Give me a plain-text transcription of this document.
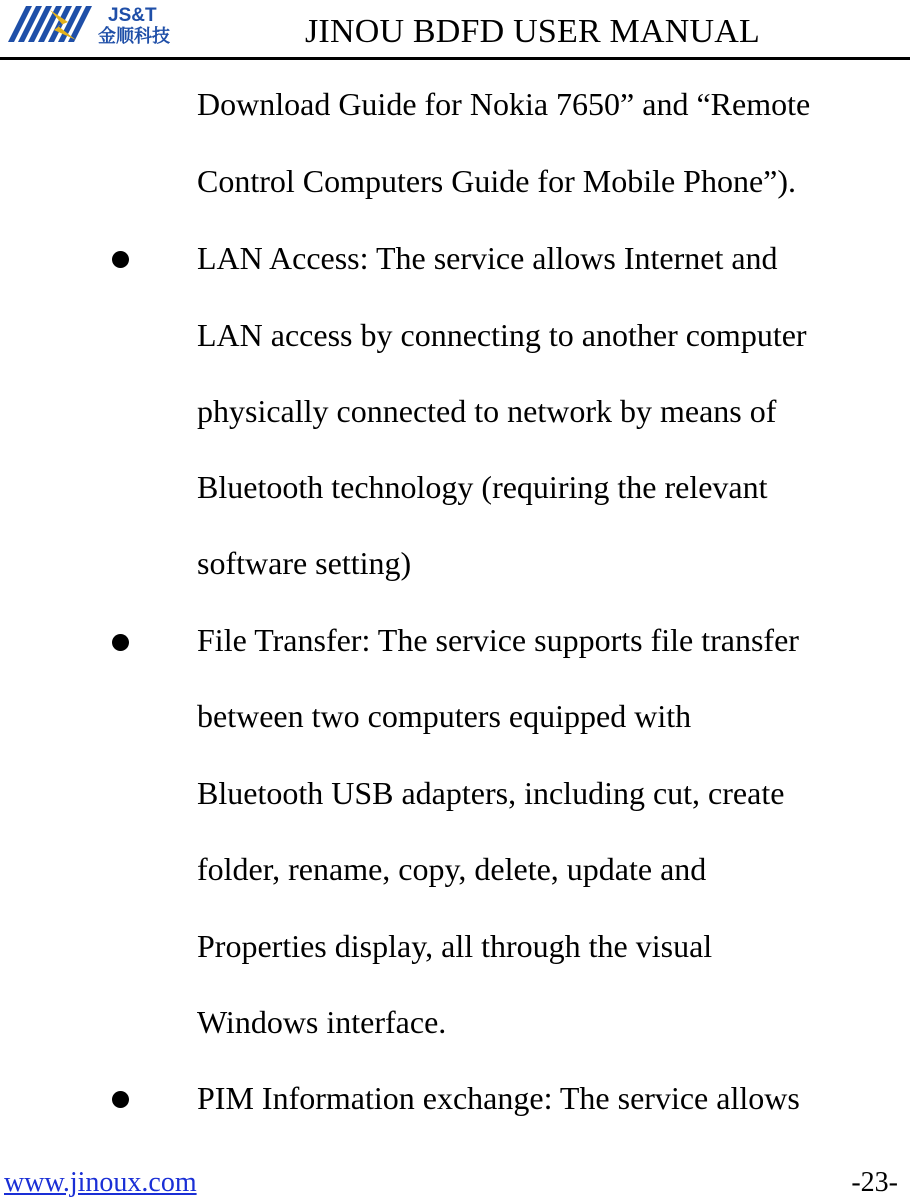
JS&T
金顺科技	JINOU BDFD USER MANUAL
Download Guide for Nokia 7650” and “Remote
Control Computers Guide for Mobile Phone”).
LAN Access: The service allows Internet and
LAN access by connecting to another computer
physically connected to network by means of
Bluetooth technology (requiring the relevant
software setting)
File Transfer: The service supports file transfer
between two computers equipped with
Bluetooth USB adapters, including cut, create
folder, rename, copy, delete, update and
Properties display, all through the visual
Windows interface.
PIM Information exchange: The service allows
www.jinoux.com	-23-
